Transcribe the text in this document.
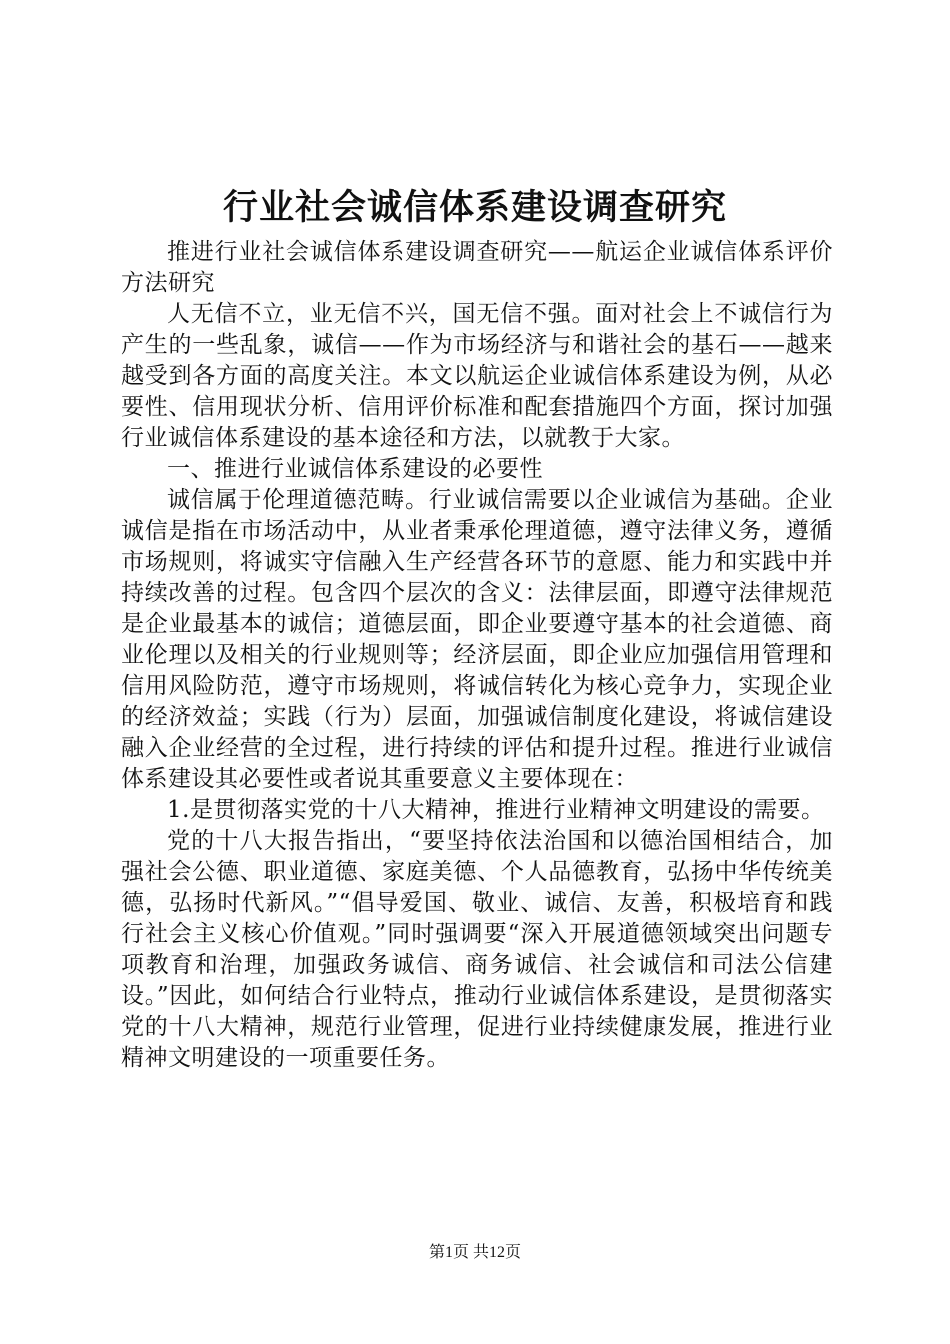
行业社会诚信体系建设调查研究

推进行业社会诚信体系建设调查研究——航运企业诚信体系评价方法研究

人无信不立，业无信不兴，国无信不强。面对社会上不诚信行为产生的一些乱象，诚信——作为市场经济与和谐社会的基石——越来越受到各方面的高度关注。本文以航运企业诚信体系建设为例，从必要性、信用现状分析、信用评价标准和配套措施四个方面，探讨加强行业诚信体系建设的基本途径和方法，以就教于大家。

一、推进行业诚信体系建设的必要性

诚信属于伦理道德范畴。行业诚信需要以企业诚信为基础。企业诚信是指在市场活动中，从业者秉承伦理道德，遵守法律义务，遵循市场规则，将诚实守信融入生产经营各环节的意愿、能力和实践中并持续改善的过程。包含四个层次的含义：法律层面，即遵守法律规范是企业最基本的诚信；道德层面，即企业要遵守基本的社会道德、商业伦理以及相关的行业规则等；经济层面，即企业应加强信用管理和信用风险防范，遵守市场规则，将诚信转化为核心竞争力，实现企业的经济效益；实践（行为）层面，加强诚信制度化建设，将诚信建设融入企业经营的全过程，进行持续的评估和提升过程。推进行业诚信体系建设其必要性或者说其重要意义主要体现在：

1.是贯彻落实党的十八大精神，推进行业精神文明建设的需要。

党的十八大报告指出，“要坚持依法治国和以德治国相结合，加强社会公德、职业道德、家庭美德、个人品德教育，弘扬中华传统美德，弘扬时代新风。”“倡导爱国、敬业、诚信、友善，积极培育和践行社会主义核心价值观。”同时强调要“深入开展道德领域突出问题专项教育和治理，加强政务诚信、商务诚信、社会诚信和司法公信建设。”因此，如何结合行业特点，推动行业诚信体系建设，是贯彻落实党的十八大精神，规范行业管理，促进行业持续健康发展，推进行业精神文明建设的一项重要任务。

第1页 共12页
